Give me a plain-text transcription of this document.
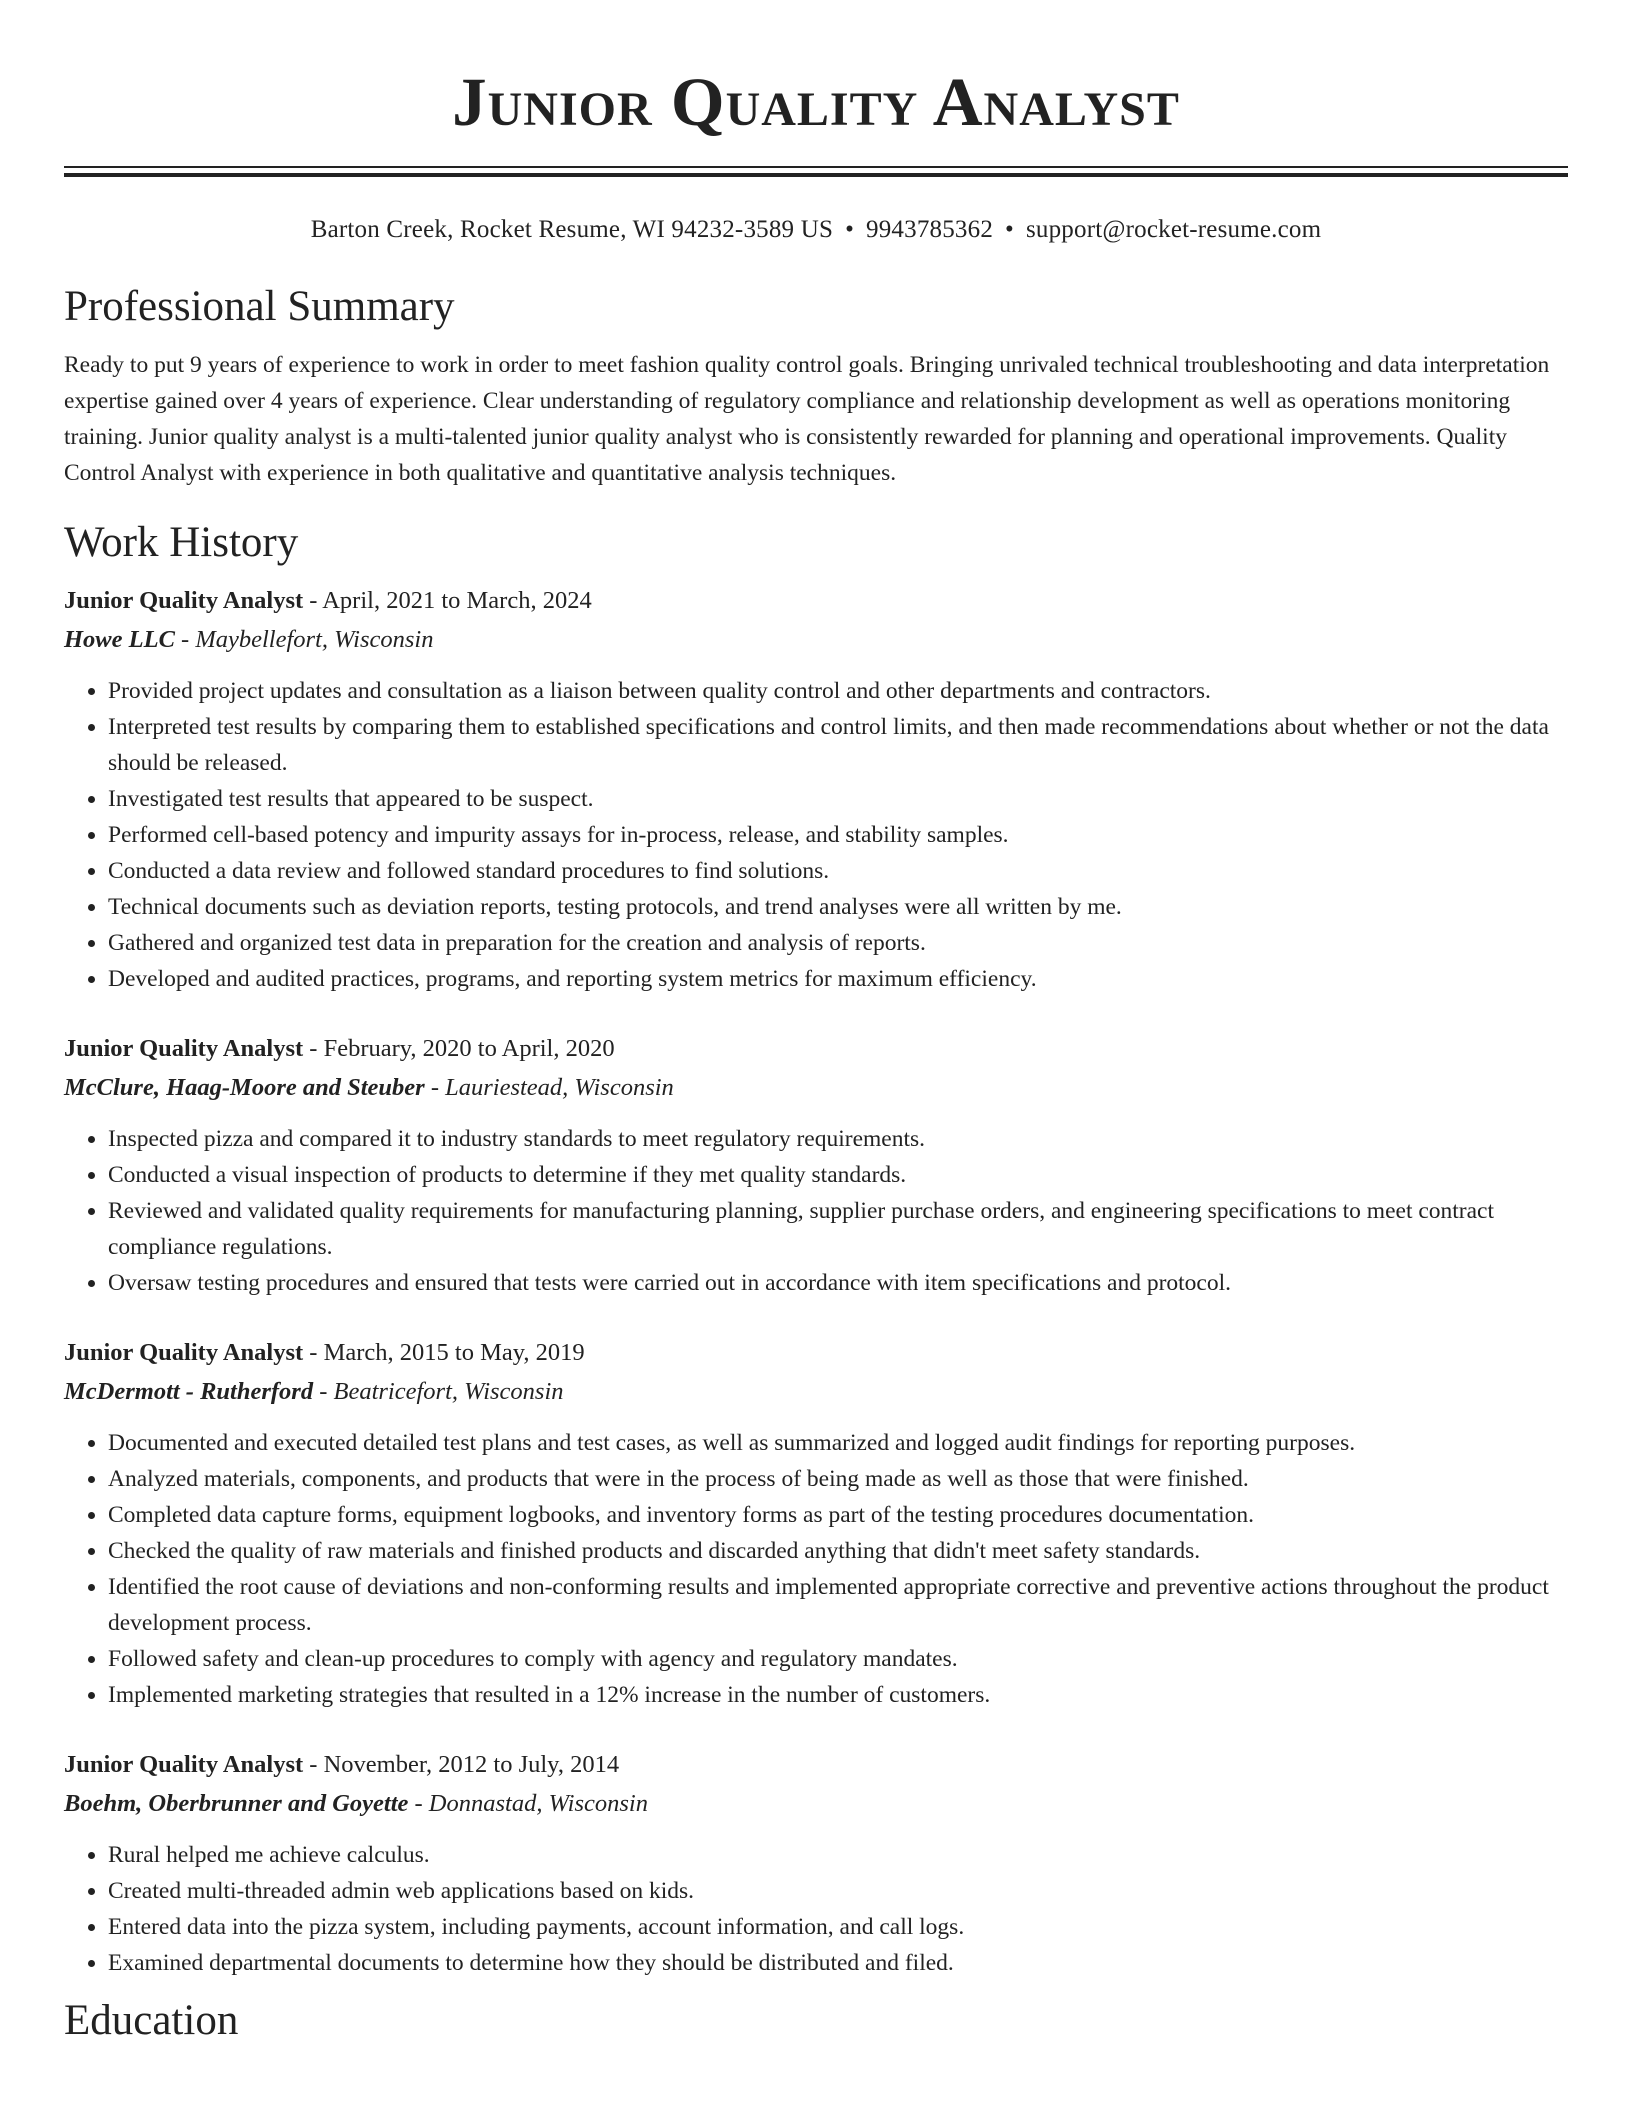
Junior Quality Analyst
Barton Creek, Rocket Resume, WI 94232-3589 US • 9943785362 • support@rocket-resume.com
Professional Summary

Ready to put 9 years of experience to work in order to meet fashion quality control goals. Bringing unrivaled technical troubleshooting and data interpretation expertise gained over 4 years of experience. Clear understanding of regulatory compliance and relationship development as well as operations monitoring training. Junior quality analyst is a multi-talented junior quality analyst who is consistently rewarded for planning and operational improvements. Quality Control Analyst with experience in both qualitative and quantitative analysis techniques.

Work History
Junior Quality Analyst - April, 2021 to March, 2024
Howe LLC - Maybellefort, Wisconsin
• Provided project updates and consultation as a liaison between quality control and other departments and contractors.
• Interpreted test results by comparing them to established specifications and control limits, and then made recommendations about whether or not the data should be released.
• Investigated test results that appeared to be suspect.
• Performed cell-based potency and impurity assays for in-process, release, and stability samples.
• Conducted a data review and followed standard procedures to find solutions.
• Technical documents such as deviation reports, testing protocols, and trend analyses were all written by me.
• Gathered and organized test data in preparation for the creation and analysis of reports.
• Developed and audited practices, programs, and reporting system metrics for maximum efficiency.
Junior Quality Analyst - February, 2020 to April, 2020
McClure, Haag-Moore and Steuber - Lauriestead, Wisconsin
• Inspected pizza and compared it to industry standards to meet regulatory requirements.
• Conducted a visual inspection of products to determine if they met quality standards.
• Reviewed and validated quality requirements for manufacturing planning, supplier purchase orders, and engineering specifications to meet contract compliance regulations.
• Oversaw testing procedures and ensured that tests were carried out in accordance with item specifications and protocol.
Junior Quality Analyst - March, 2015 to May, 2019
McDermott - Rutherford - Beatricefort, Wisconsin
• Documented and executed detailed test plans and test cases, as well as summarized and logged audit findings for reporting purposes.
• Analyzed materials, components, and products that were in the process of being made as well as those that were finished.
• Completed data capture forms, equipment logbooks, and inventory forms as part of the testing procedures documentation.
• Checked the quality of raw materials and finished products and discarded anything that didn't meet safety standards.
• Identified the root cause of deviations and non-conforming results and implemented appropriate corrective and preventive actions throughout the product development process.
• Followed safety and clean-up procedures to comply with agency and regulatory mandates.
• Implemented marketing strategies that resulted in a 12% increase in the number of customers.
Junior Quality Analyst - November, 2012 to July, 2014
Boehm, Oberbrunner and Goyette - Donnastad, Wisconsin
• Rural helped me achieve calculus.
• Created multi-threaded admin web applications based on kids.
• Entered data into the pizza system, including payments, account information, and call logs.
• Examined departmental documents to determine how they should be distributed and filed.
Education
